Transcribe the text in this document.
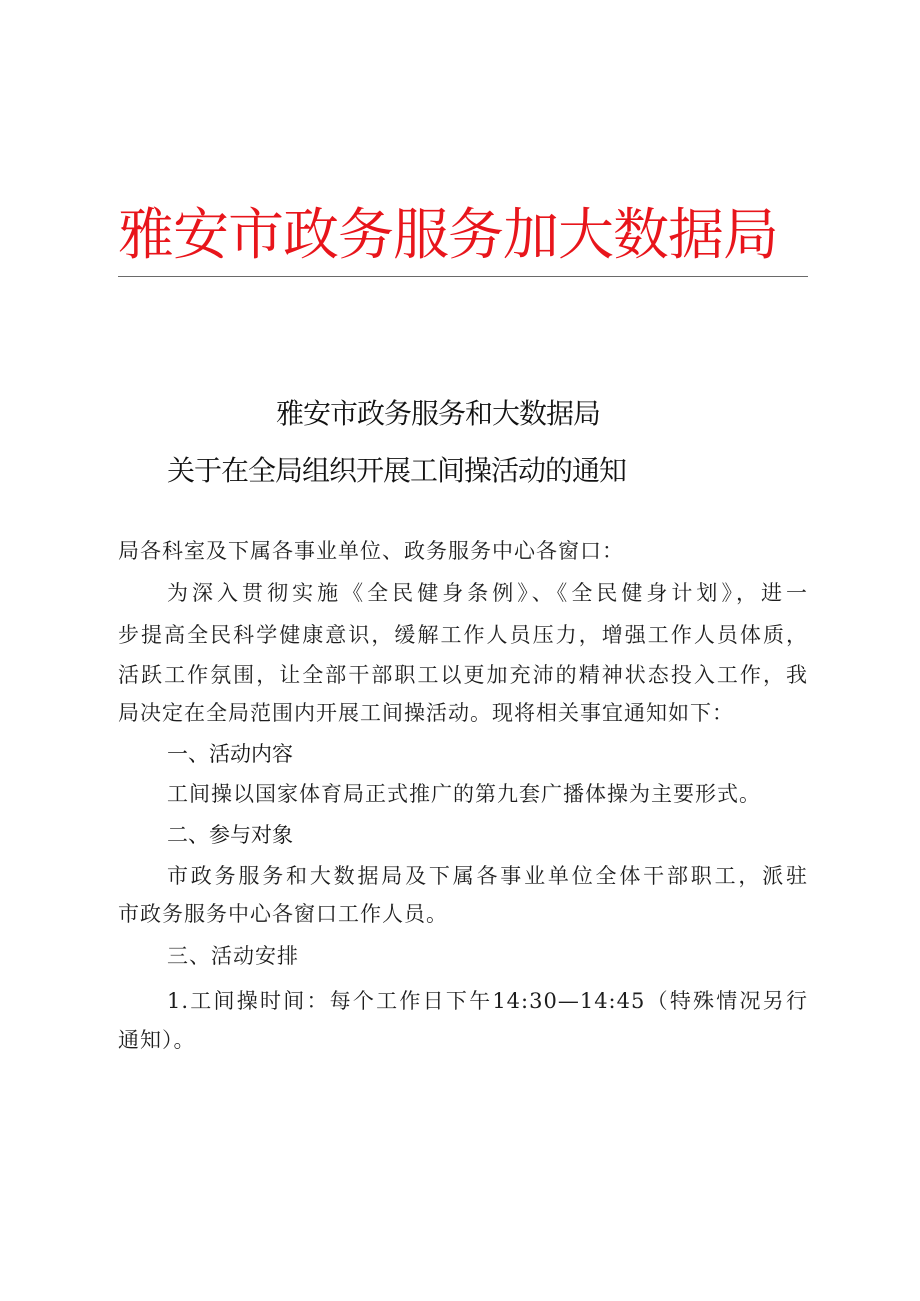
雅安市政务服务加大数据局
雅安市政务服务和大数据局
关于在全局组织开展工间操活动的通知
局各科室及下属各事业单位、政务服务中心各窗口：
为深入贯彻实施《全民健身条例》、《全民健身计划》，进一
步提高全民科学健康意识，缓解工作人员压力，增强工作人员体质，
活跃工作氛围，让全部干部职工以更加充沛的精神状态投入工作，我
局决定在全局范围内开展工间操活动。现将相关事宜通知如下：
一、活动内容
工间操以国家体育局正式推广的第九套广播体操为主要形式。
二、参与对象
市政务服务和大数据局及下属各事业单位全体干部职工，派驻
市政务服务中心各窗口工作人员。
三、活动安排
1.工间操时间：每个工作日下午14:30—14:45（特殊情况另行
通知）。
